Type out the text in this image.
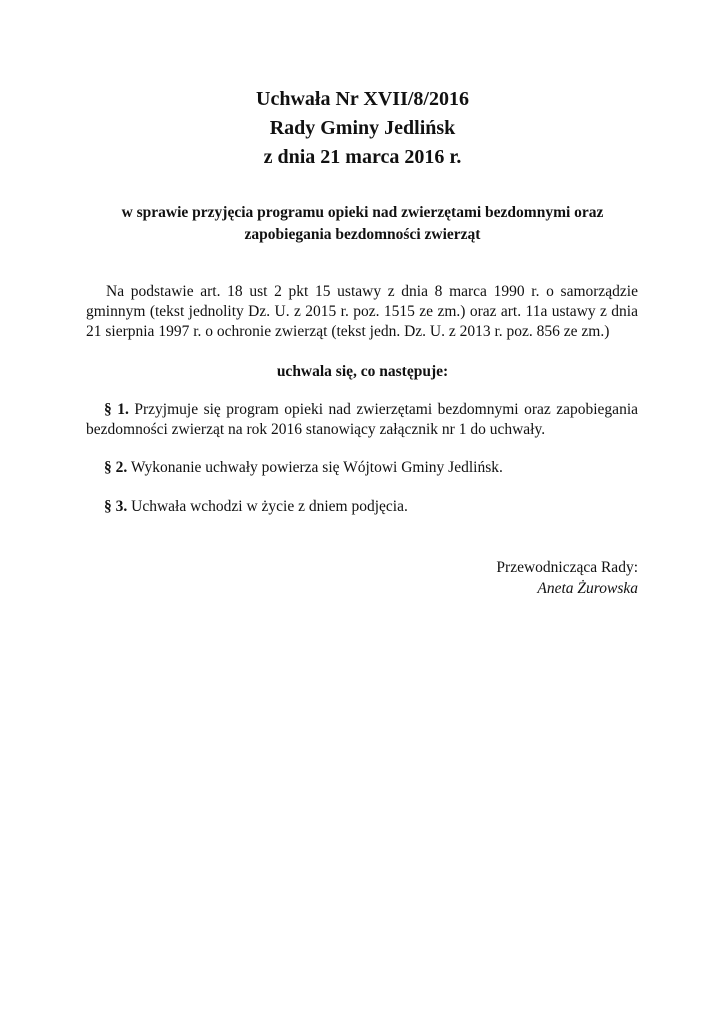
Uchwała Nr XVII/8/2016
Rady Gminy Jedlińsk
z dnia 21 marca 2016 r.
w sprawie przyjęcia programu opieki nad zwierzętami bezdomnymi oraz
zapobiegania bezdomności zwierząt
Na podstawie art. 18 ust 2 pkt 15 ustawy z dnia 8 marca 1990 r. o samorządzie gminnym (tekst jednolity Dz. U. z 2015 r. poz. 1515 ze zm.) oraz art. 11a ustawy z dnia 21 sierpnia 1997 r. o ochronie zwierząt (tekst jedn. Dz. U. z 2013 r. poz. 856 ze zm.)
uchwala się, co następuje:
§ 1. Przyjmuje się program opieki nad zwierzętami bezdomnymi oraz zapobiegania bezdomności zwierząt na rok 2016 stanowiący załącznik nr 1 do uchwały.
§ 2. Wykonanie uchwały powierza się Wójtowi Gminy Jedlińsk.
§ 3. Uchwała wchodzi w życie z dniem podjęcia.
Przewodnicząca Rady:
Aneta Żurowska
